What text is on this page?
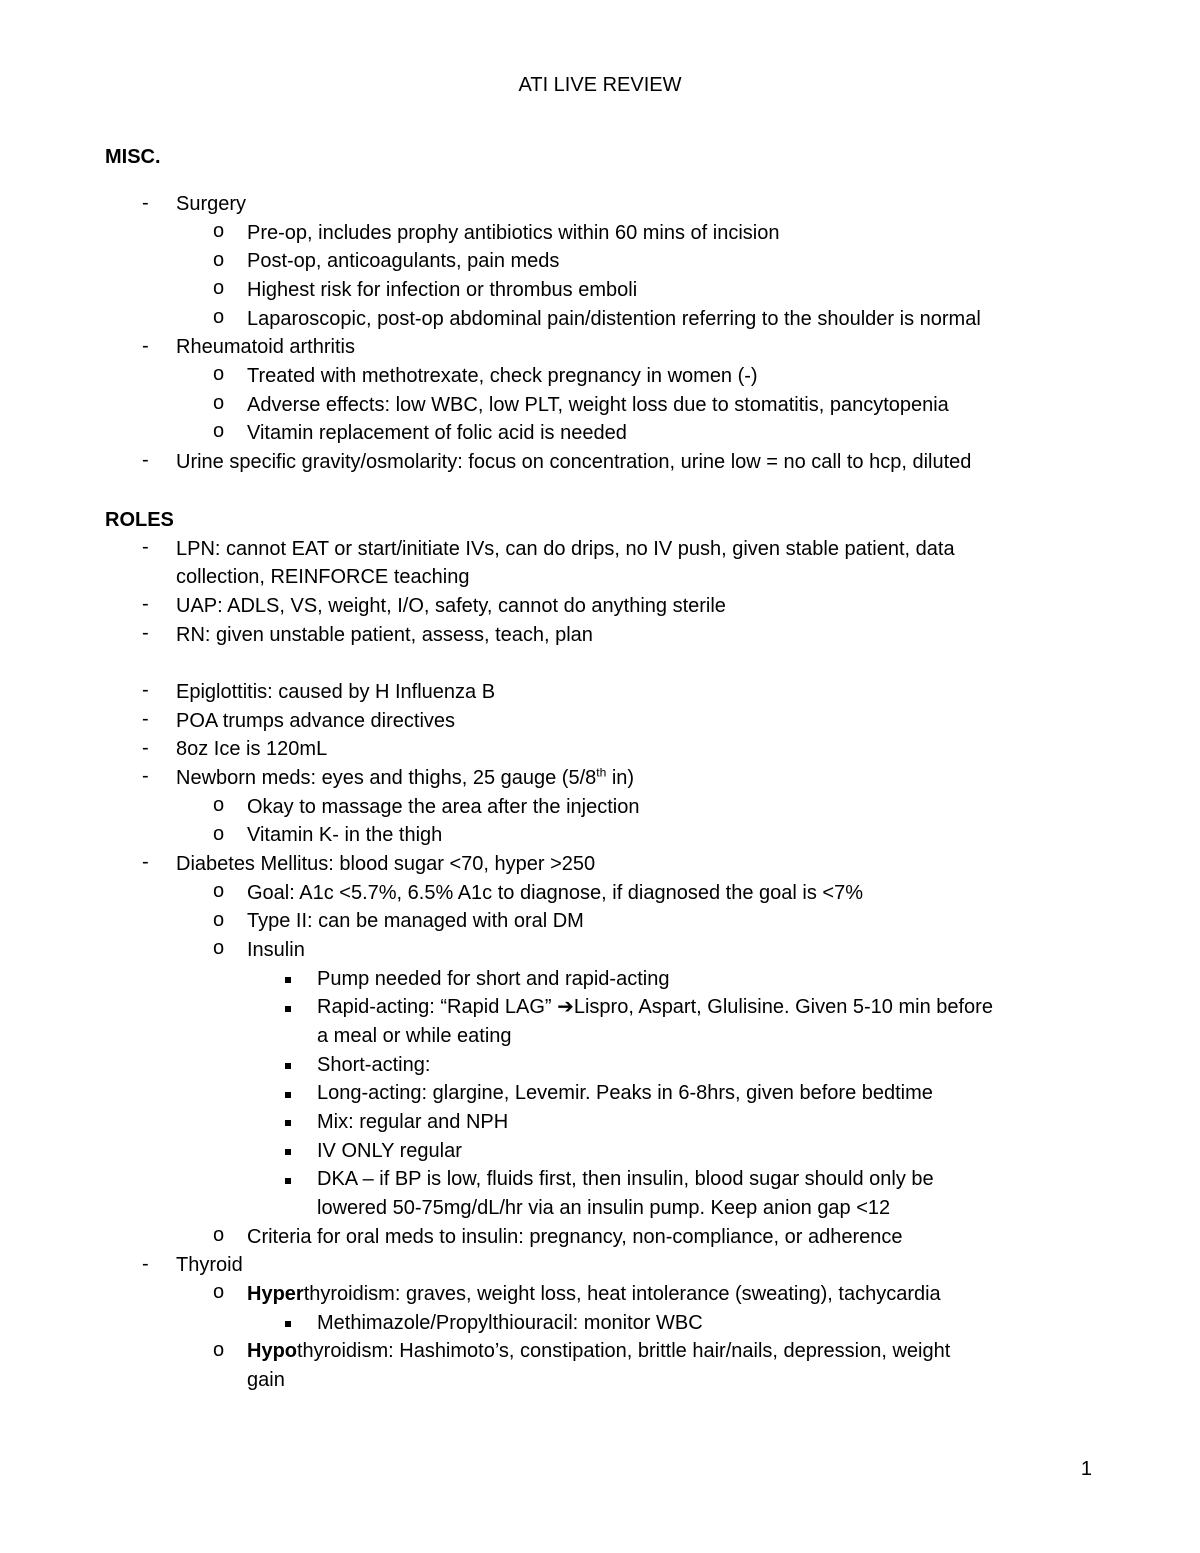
ATI LIVE REVIEW
MISC.
- Surgery
o Pre-op, includes prophy antibiotics within 60 mins of incision
o Post-op, anticoagulants, pain meds
o Highest risk for infection or thrombus emboli
o Laparoscopic, post-op abdominal pain/distention referring to the shoulder is normal
- Rheumatoid arthritis
o Treated with methotrexate, check pregnancy in women (-)
o Adverse effects: low WBC, low PLT, weight loss due to stomatitis, pancytopenia
o Vitamin replacement of folic acid is needed
- Urine specific gravity/osmolarity: focus on concentration, urine low = no call to hcp, diluted
ROLES
- LPN: cannot EAT or start/initiate IVs, can do drips, no IV push, given stable patient, data
collection, REINFORCE teaching
- UAP: ADLS, VS, weight, I/O, safety, cannot do anything sterile
- RN: given unstable patient, assess, teach, plan
- Epiglottitis: caused by H Influenza B
- POA trumps advance directives
- 8oz Ice is 120mL
- Newborn meds: eyes and thighs, 25 gauge (5/8th in)
o Okay to massage the area after the injection
o Vitamin K- in the thigh
- Diabetes Mellitus: blood sugar <70, hyper >250
o Goal: A1c <5.7%, 6.5% A1c to diagnose, if diagnosed the goal is <7%
o Type II: can be managed with oral DM
o Insulin
Pump needed for short and rapid-acting
Rapid-acting: “Rapid LAG” ➔Lispro, Aspart, Glulisine. Given 5-10 min before
a meal or while eating
Short-acting:
Long-acting: glargine, Levemir. Peaks in 6-8hrs, given before bedtime
Mix: regular and NPH
IV ONLY regular
DKA – if BP is low, fluids first, then insulin, blood sugar should only be
lowered 50-75mg/dL/hr via an insulin pump. Keep anion gap <12
o Criteria for oral meds to insulin: pregnancy, non-compliance, or adherence
- Thyroid
o Hyperthyroidism: graves, weight loss, heat intolerance (sweating), tachycardia
Methimazole/Propylthiouracil: monitor WBC
o Hypothyroidism: Hashimoto’s, constipation, brittle hair/nails, depression, weight
gain
1
